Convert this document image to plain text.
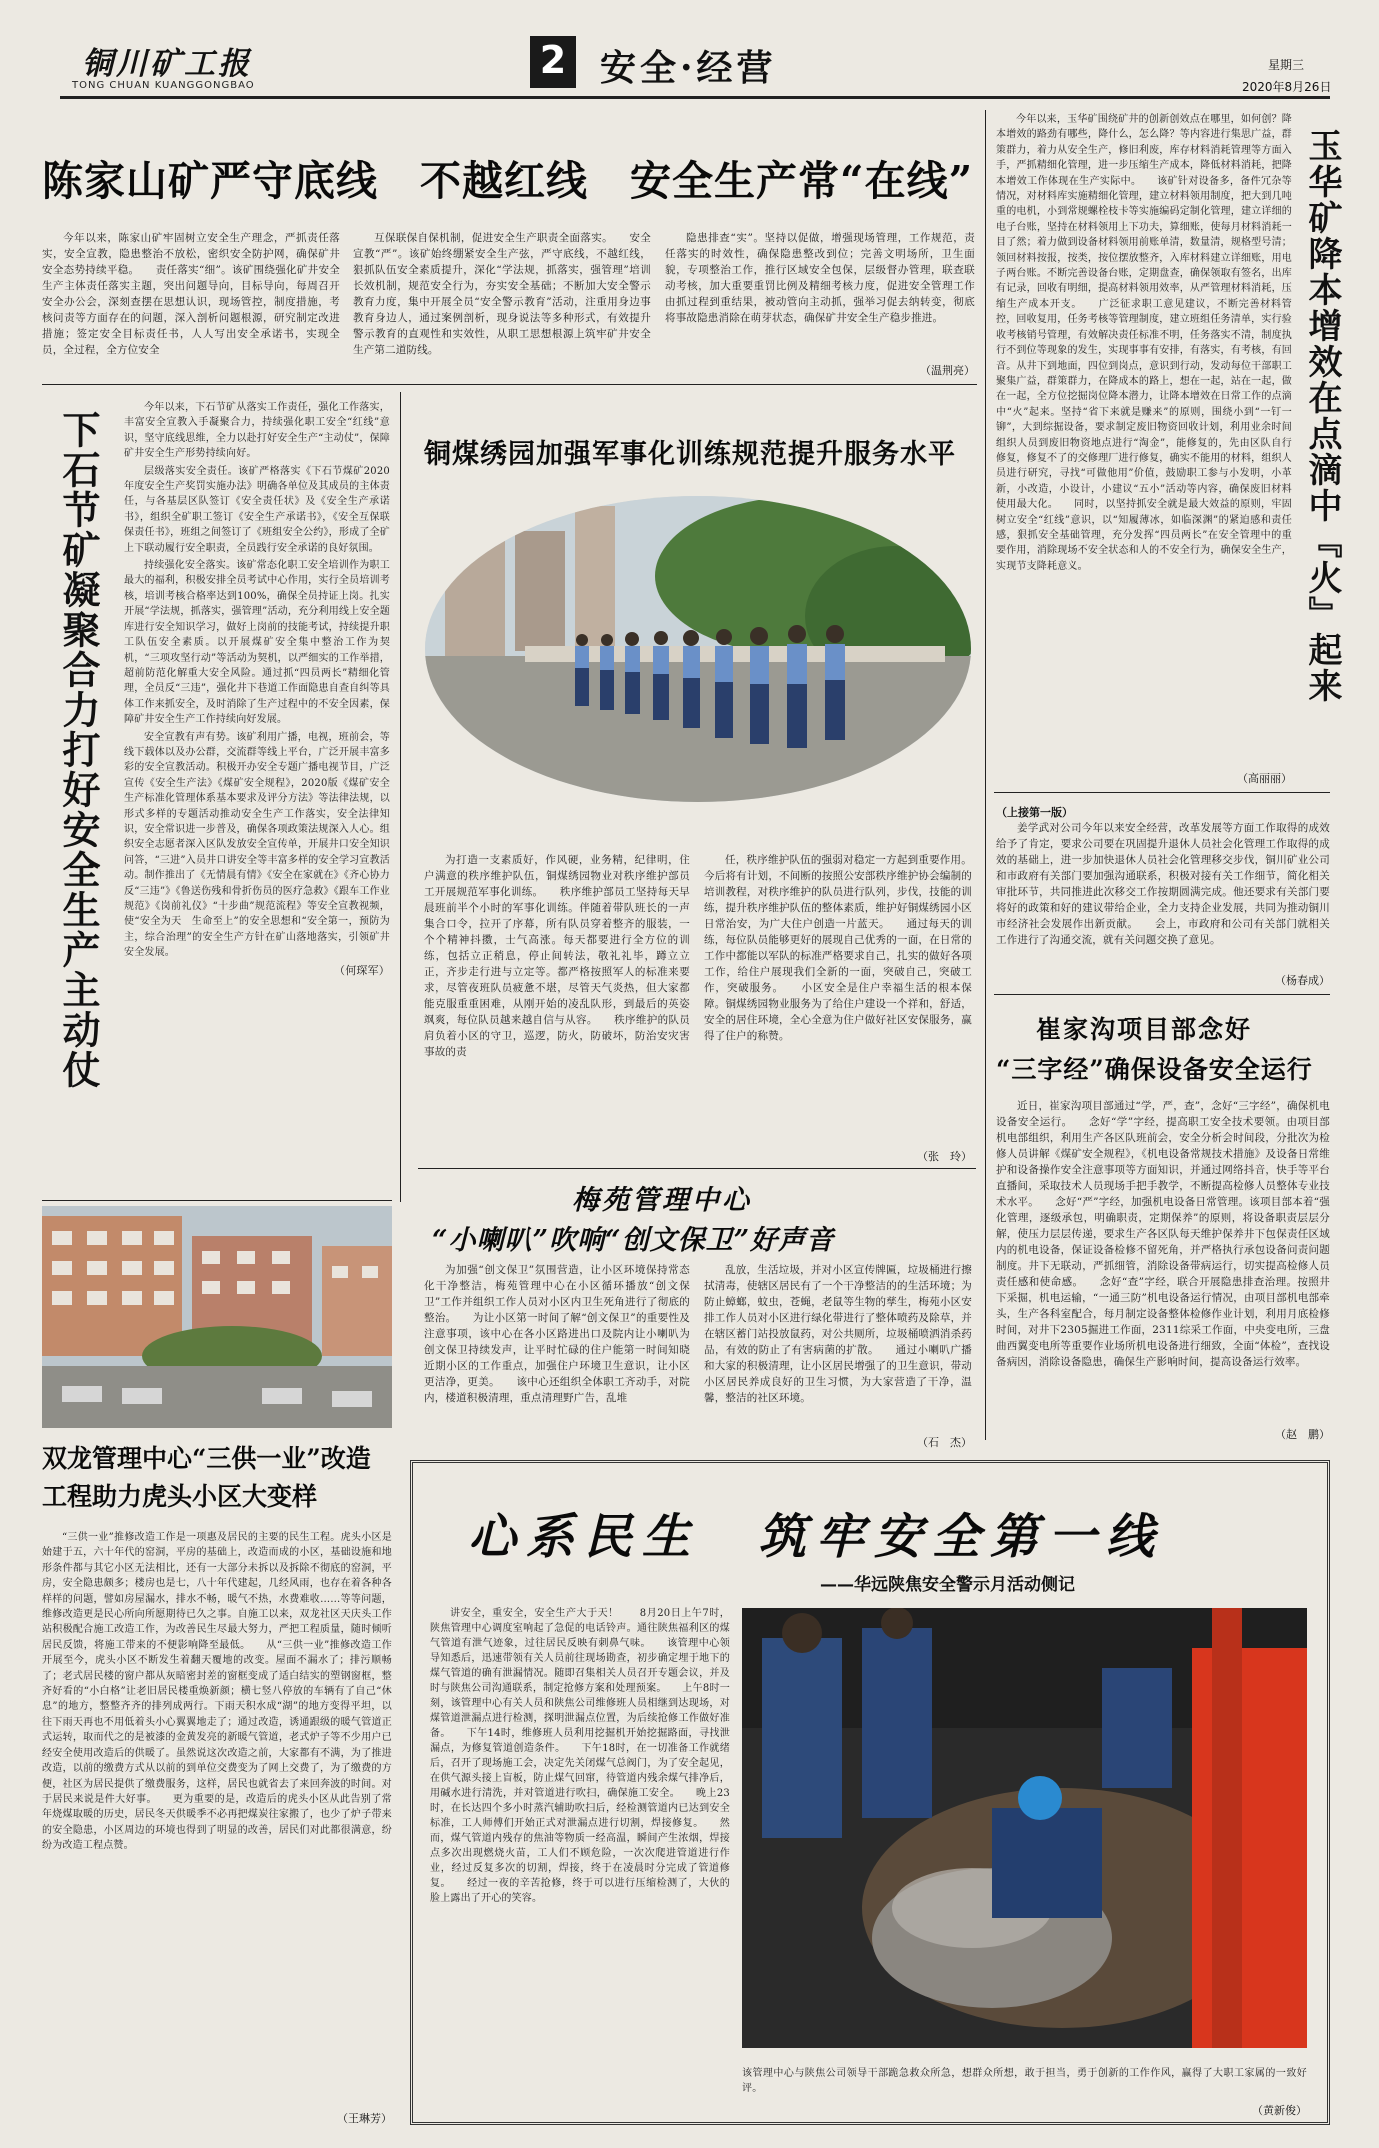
铜川矿工报
TONG CHUAN KUANGGONGBAO
2 安全·经营	星期三
2020年8月26日
陈家山矿严守底线　不越红线　安全生产常“在线”
今年以来，陈家山矿牢固树立安全生产理念，严抓责任落实，安全宣教，隐患整治不放松，密织安全防护网，确保矿井安全态势持续平稳。　　责任落实“细”。该矿围绕强化矿井安全生产主体责任落实主题，突出问题导向，目标导向，每周召开安全办公会，深刻查摆在思想认识，现场管控，制度措施，考核问责等方面存在的问题，深入剖析问题根源，研究制定改进措施；签定安全目标责任书，人人写出安全承诺书，实现全员，全过程，全方位安全
互保联保自保机制，促进安全生产职责全面落实。　　安全宣教“严”。该矿始终绷紧安全生产弦，严守底线，不越红线，狠抓队伍安全素质提升，深化“学法规，抓落实，强管理”培训长效机制，规范安全行为，夯实安全基础；不断加大安全警示教育力度，集中开展全员“安全警示教育”活动，注重用身边事教育身边人，通过案例剖析，现身说法等多种形式，有效提升警示教育的直观性和实效性，从职工思想根源上筑牢矿井安全生产第二道防线。
隐患排查“实”。坚持以促做，增强现场管理，工作规范，责任落实的时效性，确保隐患整改到位；完善文明场所，卫生面貌，专项整治工作，推行区域安全包保，层级督办管理，联查联动考核，加大重要重罚比例及精细考核力度，促进安全管理工作由抓过程到重结果，被动管向主动抓，强举习促去纳转变，彻底将事故隐患消除在萌芽状态，确保矿井安全生产稳步推进。
（温荆亮）
下石节矿凝聚合力打好安全生产主动仗

今年以来，下石节矿从落实工作责任，强化工作落实，丰富安全宣教入手凝聚合力，持续强化职工安全“红线”意识，坚守底线思维，全力以赴打好安全生产“主动仗”，保障矿井安全生产形势持续向好。

层级落实安全责任。该矿严格落实《下石节煤矿2020年度安全生产奖罚实施办法》明确各单位及其成员的主体责任，与各基层区队签订《安全责任状》及《安全生产承诺书》，组织全矿职工签订《安全生产承诺书》，《安全互保联保责任书》，班组之间签订了《班组安全公约》，形成了全矿上下联动履行安全职责，全员践行安全承诺的良好氛围。

持续强化安全落实。该矿常态化职工安全培训作为职工最大的福利，积极安排全员考试中心作用，实行全员培训考核，培训考核合格率达到100%，确保全员持证上岗。扎实开展“学法规，抓落实，强管理”活动，充分利用线上安全题库进行安全知识学习，做好上岗前的技能考试，持续提升职工队伍安全素质。以开展煤矿安全集中整治工作为契机，“三项攻坚行动”等活动为契机，以严细实的工作举措，超前防范化解重大安全风险。通过抓“四员两长”精细化管理，全员反“三违”，强化井下巷道工作面隐患自查自纠等具体工作来抓安全，及时消除了生产过程中的不安全因素，保障矿井安全生产工作持续向好发展。

安全宣教有声有势。该矿利用广播，电视，班前会，等线下载体以及办公群，交流群等线上平台，广泛开展丰富多彩的安全宣教活动。积极开办安全专题广播电视节目，广泛宣传《安全生产法》《煤矿安全规程》，2020版《煤矿安全生产标准化管理体系基本要求及评分方法》等法律法规，以形式多样的专题活动推动安全生产工作落实，安全法律知识，安全常识进一步普及，确保各项政策法规深入人心。组织安全志愿者深入区队发放安全宣传单，开展井口安全知识问答，“三进”入员井口讲安全等丰富多样的安全学习宣教活动。制作推出了《无情晨有情》《安全在家就在》《齐心协力反“三违”》《鲁送伤残和骨折伤员的医疗急救》《跟车工作业规范》《岗前礼仪》“十步曲”规范流程》等安全宣教视频，使“安全为天　生命至上”的安全思想和“安全第一，预防为主，综合治理”的安全生产方针在矿山落地落实，引领矿井安全发展。

（何琛军）
铜煤绣园加强军事化训练规范提升服务水平
为打造一支素质好，作风硬，业务精，纪律明，住户满意的秩序维护队伍，铜煤绣园物业对秩序维护部员工开展规范军事化训练。　　秩序维护部员工坚持每天早晨班前半个小时的军事化训练。伴随着带队班长的一声集合口令，拉开了序幕，所有队员穿着整齐的服装，一个个精神抖擞，士气高涨。每天都要进行全方位的训练，包括立正稍息，停止间转法，敬礼礼毕，蹲立立正，齐步走行进与立定等。都严格按照军人的标准来要求，尽管夜班队员疲惫不堪，尽管天气炎热，但大家都能克服重重困难，从刚开始的凌乱队形，到最后的英姿飒爽，每位队员越来越自信与从容。　　秩序维护的队员肩负着小区的守卫，巡逻，防火，防破坏，防治安灾害事故的责
任，秩序维护队伍的强弱对稳定一方起到重要作用。今后将有计划，不间断的按照公安部秩序维护协会编制的培训教程，对秩序维护的队员进行队列，步伐，技能的训练，提升秩序维护队伍的整体素质，维护好铜煤绣园小区日常治安，为广大住户创造一片蓝天。　　通过每天的训练，每位队员能够更好的展现自己优秀的一面，在日常的工作中都能以军队的标准严格要求自己，扎实的做好各项工作，给住户展现我们全新的一面，突破自己，突破工作，突破服务。　　小区安全是住户幸福生活的根本保障。铜煤绣园物业服务为了给住户建设一个祥和，舒适，安全的居住环境，全心全意为住户做好社区安保服务，赢得了住户的称赞。
（张　玲）
今年以来，玉华矿围绕矿井的创新创效点在哪里，如何创？降本增效的路劲有哪些，降什么，怎么降？等内容进行集思广益，群策群力，着力从安全生产，修旧利废，库存材料消耗管理等方面入手，严抓精细化管理，进一步压缩生产成本，降低材料消耗，把降本增效工作体现在生产实际中。　　该矿针对设备多，备件冗杂等情况，对材料库实施精细化管理，建立材料领用制度，把大到几吨重的电机，小到常规螺栓枝卡等实施编码定制化管理，建立详细的电子台账，坚持在材料领用上下功夫，算细账，使每月材料消耗一目了然；着力做到设备材料领用前账单清，数量清，规格型号清；领回材料按报，按类，按位摆放整齐，入库材料建立详细账，用电子两台账。不断完善设备台账，定期盘查，确保领取有签名，出库有记录，回收有明细，提高材料领用效率，从严管理材料消耗，压缩生产成本开支。　　广泛征求职工意见建议，不断完善材料管控，回收复用，任务考核等管理制度，建立班组任务清单，实行验收考核销号管理，有效解决责任标准不明，任务落实不清，制度执行不到位等现象的发生，实现事事有安排，有落实，有考核，有回音。从井下到地面，四位到岗点，意识到行动，发动每位干部职工聚集广益，群策群力，在降成本的路上，想在一起，站在一起，做在一起，全方位挖掘岗位降本潜力，让降本增效在日常工作的点滴中“火”起来。坚持“省下来就是赚来”的原则，围绕小到“一钉一铆”，大到综掘设备，要求制定废旧物资回收计划，利用业余时间组织人员到废旧物资地点进行“淘金”，能修复的，先由区队自行修复，修复不了的交修理厂进行修复，确实不能用的材料，组织人员进行研究，寻找“可做他用”价值，鼓励职工参与小发明，小革新，小改造，小设计，小建议“五小”活动等内容，确保废旧材料使用最大化。　　同时，以坚持抓安全就是最大效益的原则，牢固树立安全“红线”意识，以“知履薄冰，如临深渊”的紧迫感和责任感，狠抓安全基础管理，充分发挥“四员两长”在安全管理中的重要作用，消除现场不安全状态和人的不安全行为，确保安全生产，实现节支降耗意义。
（高丽丽）
玉华矿降本增效在点滴中『火』起来
（上接第一版）
姜学武对公司今年以来安全经营，改革发展等方面工作取得的成效给予了肯定，要求公司要在巩固提升退休人员社会化管理工作取得的成效的基础上，进一步加快退休人员社会化管理移交步伐，铜川矿业公司和市政府有关部门要加强沟通联系，积极对接有关工作细节，简化相关审批环节，共同推进此次移交工作按期圆满完成。他还要求有关部门要将好的政策和好的建议带给企业，全力支持企业发展，共同为推动铜川市经济社会发展作出新贡献。　　会上，市政府和公司有关部门就相关工作进行了沟通交流，就有关问题交换了意见。
（杨春成）
崔家沟项目部念好
“三字经”确保设备安全运行
近日，崔家沟项目部通过“学，严，查”，念好“三字经”，确保机电设备安全运行。　　念好“学”字经，提高职工安全技术要领。由项目部机电部组织，利用生产各区队班前会，安全分析会时间段，分批次为检修人员讲解《煤矿安全规程》，《机电设备常规技术措施》及设备日常维护和设备操作安全注意事项等方面知识，并通过网络抖音，快手等平台直播间，采取技术人员现场手把手教学，不断提高检修人员整体专业技术水平。　　念好“严”字经，加强机电设备日常管理。该项目部本着“强化管理，逐级承包，明确职责，定期保养”的原则，将设备职责层层分解，使压力层层传递，要求生产各区队每天维护保养井下包保责任区域内的机电设备，保证设备检修不留死角，并严格执行承包设备问责问题制度。井下无联动，严抓细管，消除设备带病运行，切实提高检修人员责任感和使命感。　　念好“查”字经，联合开展隐患排查治理。按照井下采掘，机电运输，“一通三防”机电设备运行情况，由项目部机电部牵头，生产各科室配合，每月制定设备整体检修作业计划，利用月底检修时间，对井下2305掘进工作面，2311综采工作面，中央变电所，三盘曲西翼变电所等重要作业场所机电设备进行细致，全面“体检”，查找设备病因，消除设备隐患，确保生产影响时间，提高设备运行效率。
（赵　鹏）
梅苑管理中心
“小喇叭”吹响“创文保卫”好声音
为加强“创文保卫”氛围营造，让小区环境保持常态化干净整洁，梅苑管理中心在小区循环播放“创文保卫”工作并组织工作人员对小区内卫生死角进行了彻底的整治。　　为让小区第一时间了解“创文保卫”的重要性及注意事项，该中心在各小区路进出口及院内让小喇叭为创文保卫持续发声，让平时忙碌的住户能第一时间知晓近期小区的工作重点，加强住户环境卫生意识，让小区更洁净，更美。　　该中心还组织全体职工齐动手，对院内，楼道积极清理，重点清理野广告，乱堆
乱放，生活垃圾，并对小区宣传牌匾，垃圾桶进行擦拭清毒，使辖区居民有了一个干净整洁的的生活环境；为防止蟑螂，蚊虫，苍蝇，老鼠等生物的孳生，梅苑小区安排工作人员对小区进行绿化带进行了整体喷药及除草，并在辖区蓄门站投放鼠药，对公共厕所，垃圾桶喷洒消杀药品，有效的防止了有害病菌的扩散。　　通过小喇叭广播和大家的积极清理，让小区居民增强了的卫生意识，带动小区居民养成良好的卫生习惯，为大家营造了干净，温馨，整洁的社区环境。
（石　杰）
双龙管理中心“三供一业”改造工程助力虎头小区大变样
“三供一业”推修改造工作是一项惠及居民的主要的民生工程。虎头小区是始建于五，六十年代的窑洞，平房的基础上，改造而成的小区，基础设施和地形条件都与其它小区无法相比，还有一大部分未拆以及拆除不彻底的窑洞，平房，安全隐患颇多；楼房也是七，八十年代建起，几经风雨，也存在着各种各样样的问题，譬如房屋漏水，排水不畅，暖气不热，水费难收……等等问题，维修改造更是民心所向所愿期待已久之事。自施工以来，双龙社区天庆头工作站积极配合施工改造工作，为改善民生尽最大努力，严把工程质量，随时倾听居民反馈，将施工带来的不便影响降至最低。　　从“三供一业”推修改造工作开展至今，虎头小区不断发生着翻天覆地的改变。屋面不漏水了；排污顺畅了；老式居民楼的窗户都从灰暗密封差的窗框变成了适白结实的塑钢窗框，整齐好看的“小白格”让老旧居民楼重焕新颜；横七竖八停放的车辆有了自己“休息”的地方，整整齐齐的排列成两行。下雨天积水成“湖”的地方变得平坦，以往下雨天再也不用低着头小心翼翼地走了；通过改造，诱通跟级的暖气管道正式运转，取而代之的是被漆的金黄发亮的新暖气管道，老式炉子等不少用户已经安全使用改造后的供暖了。虽然说这次改造之前，大家都有不满，为了推进改造，以前的缴费方式从以前的到单位交费变为了网上交费了，为了缴费的方便，社区为居民提供了缴费服务，这样，居民也就省去了来回奔波的时间。对于居民来说是件大好事。　　更为重要的是，改造后的虎头小区从此告别了常年烧煤取暖的历史，居民冬天供暖季不必再把煤炭往家搬了，也少了炉子带来的安全隐患，小区周边的环境也得到了明显的改善，居民们对此都很满意，纷纷为改造工程点赞。
（王琳芳）
心系民生　筑牢安全第一线
——华远陕焦安全警示月活动侧记
讲安全，重安全，安全生产大于天！　　8月20日上午7时，陕焦管理中心调度室响起了急促的电话铃声。通往陕焦福利区的煤气管道有泄气迹象，过往居民反映有刺鼻气味。　　该管理中心领导知悉后，迅速带领有关人员前往现场勘查，初步确定埋于地下的煤气管道的确有泄漏情况。随即召集相关人员召开专题会议，并及时与陕焦公司沟通联系，制定抢修方案和处理预案。　　上午8时一刻，该管理中心有关人员和陕焦公司维修班人员相继到达现场，对煤管道泄漏点进行检测，探明泄漏点位置，为后续抢修工作做好准备。　　下午14时，维修班人员利用挖掘机开始挖掘路面，寻找泄漏点，为修复管道创造条件。　　下午18时，在一切准备工作就绪后，召开了现场施工会，决定先关闭煤气总阀门，为了安全起见，在供气源头接上盲板，防止煤气回窜，待管道内残余煤气排净后，用碱水进行清洗，并对管道进行吹扫，确保施工安全。　　晚上23时，在长达四个多小时蒸汽辅助吹扫后，经检测管道内已达到安全标准，工人师傅们开始正式对泄漏点进行切割，焊接修复。　　然而，煤气管道内残存的焦油等物质一经高温，瞬间产生浓烟，焊接点多次出现燃烧火苗，工人们不顾危险，一次次爬进管道进行作业，经过反复多次的切割，焊接，终于在凌晨时分完成了管道修复。　　经过一夜的辛苦抢修，终于可以进行压缩检测了，大伙的脸上露出了开心的笑容。
该管理中心与陕焦公司领导干部跪急救众所急，想群众所想，敢于担当，勇于创新的工作作风，赢得了大职工家属的一致好评。
（黄新俊）
